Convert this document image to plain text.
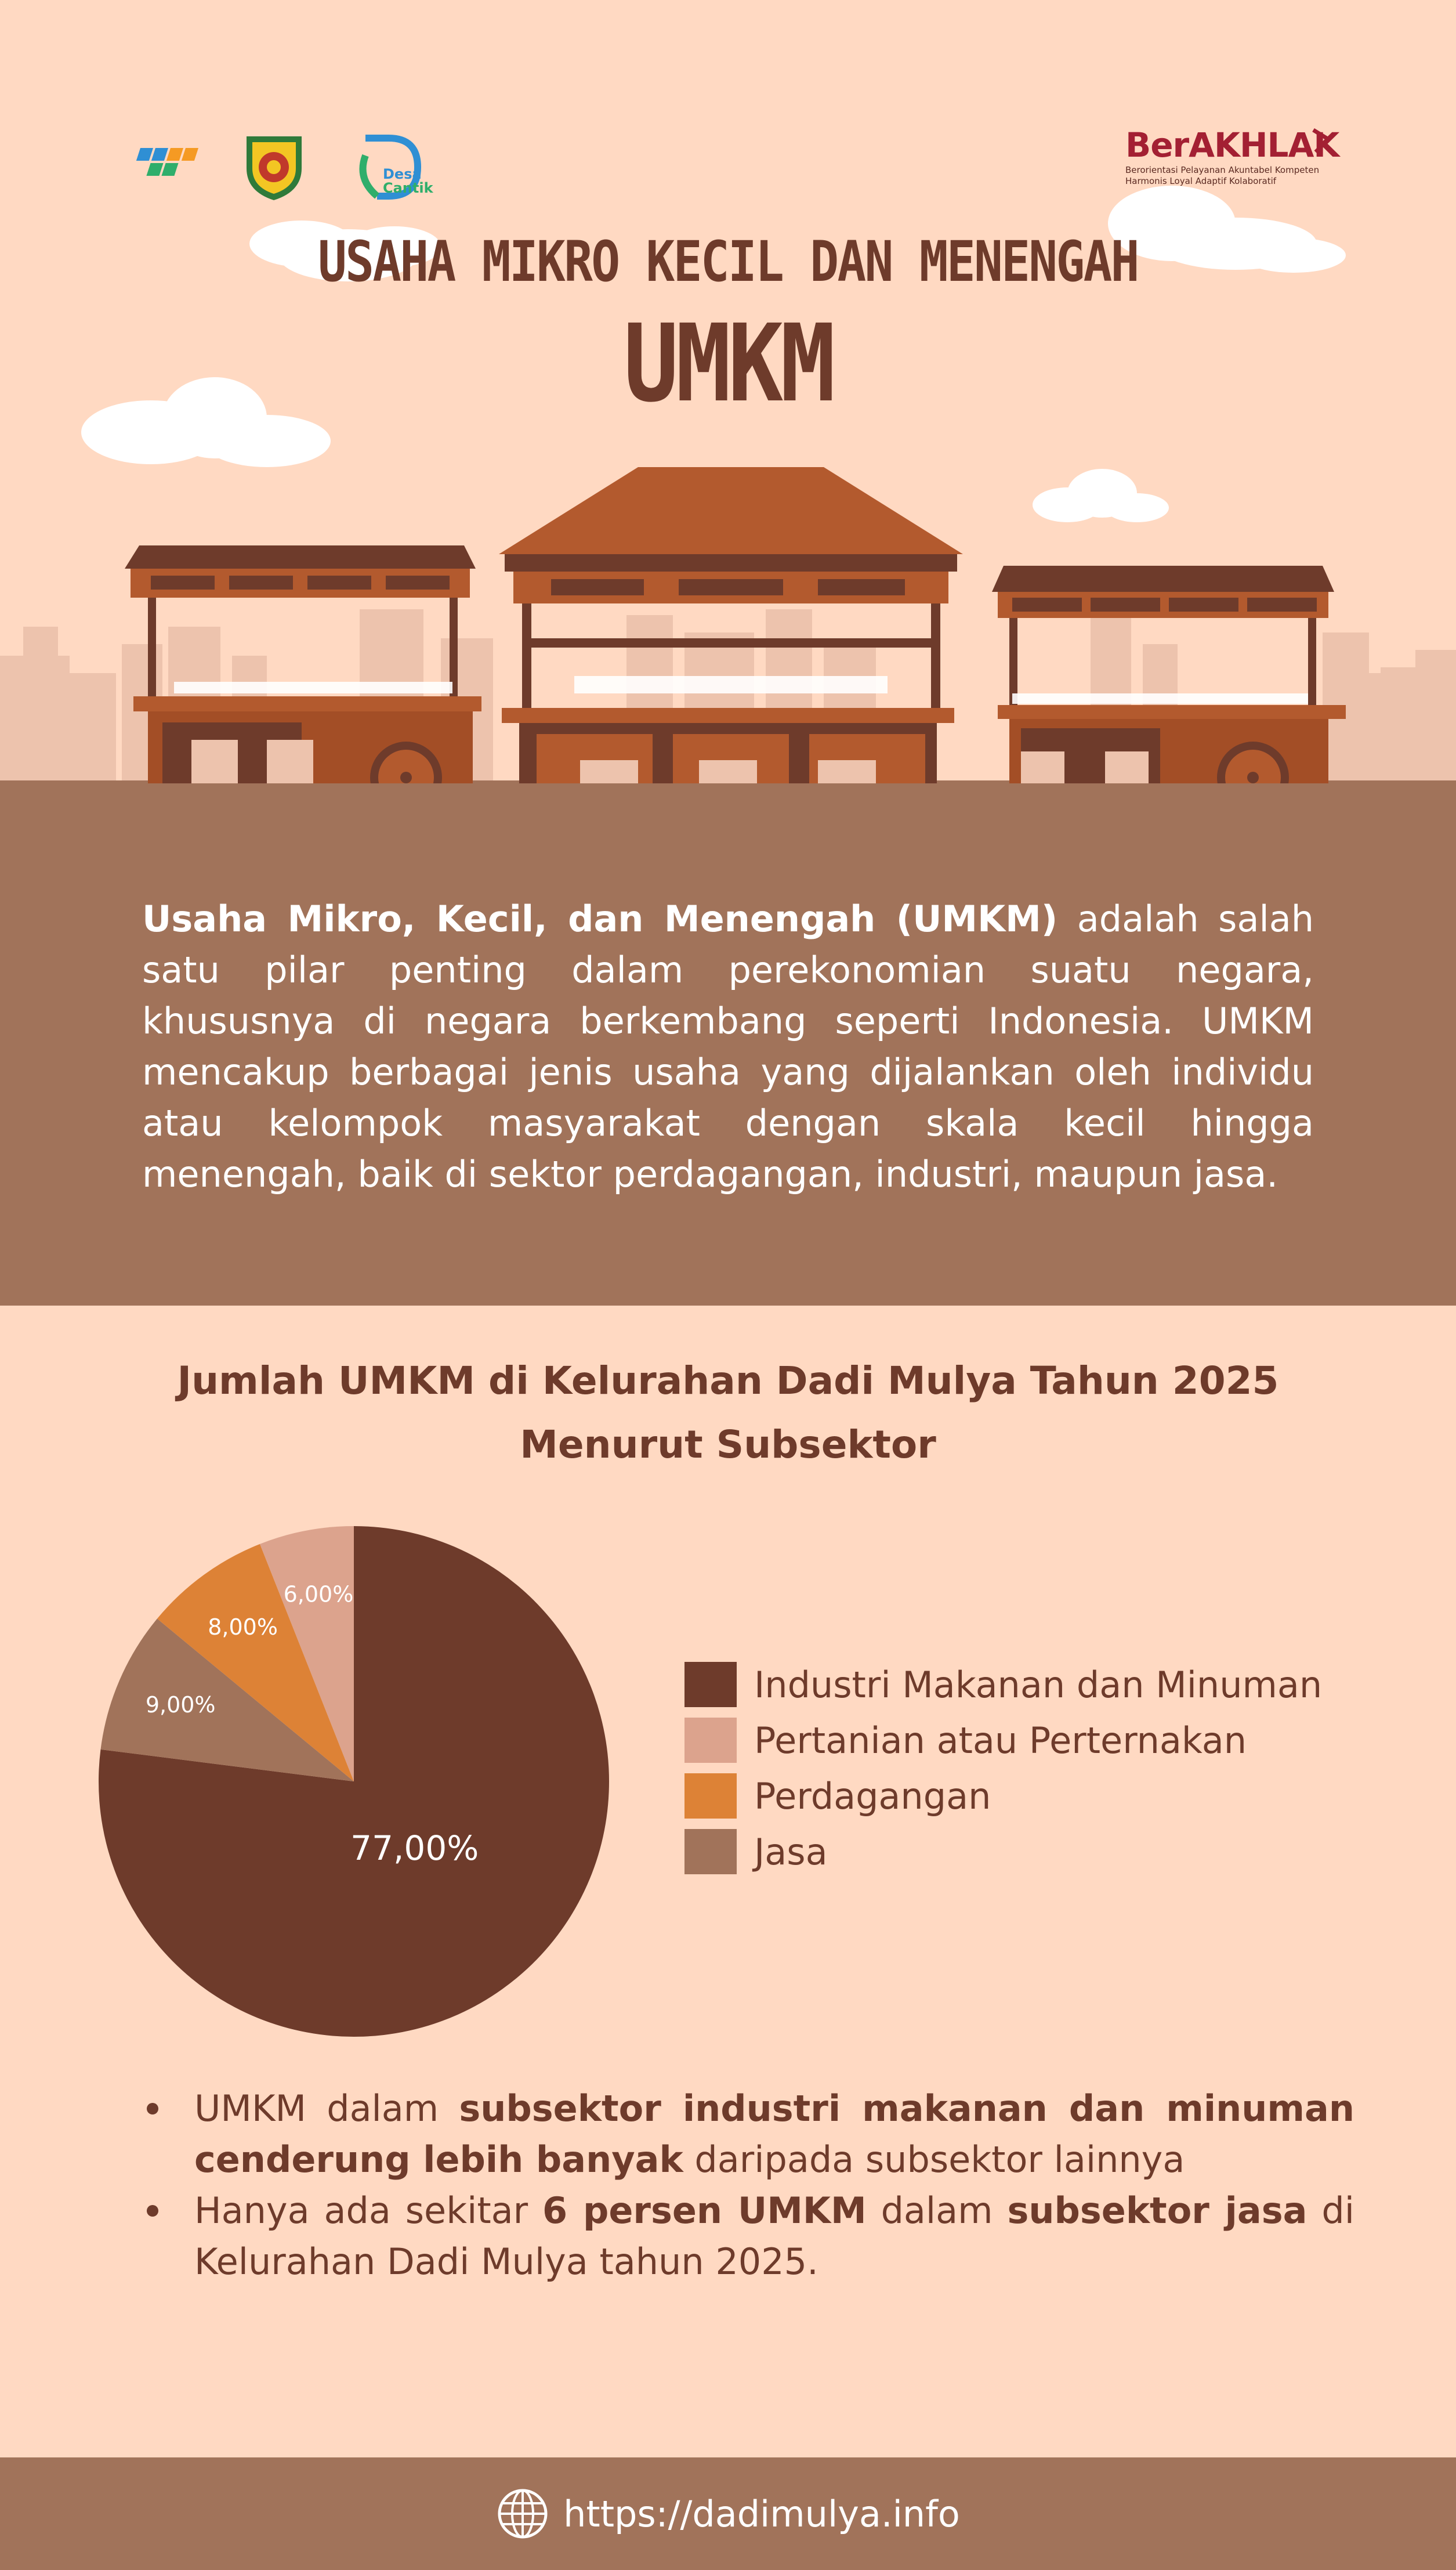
Desa
Cantik
BerAKHLAK
Berorientasi Pelayanan Akuntabel Kompeten
Harmonis Loyal Adaptif Kolaboratif
USAHA MIKRO KECIL DAN MENENGAH
UMKM

Usaha Mikro, Kecil, dan Menengah (UMKM) adalah salah satu pilar penting dalam perekonomian suatu negara, khususnya di negara berkembang seperti Indonesia. UMKM mencakup berbagai jenis usaha yang dijalankan oleh individu atau kelompok masyarakat dengan skala kecil hingga menengah, baik di sektor perdagangan, industri, maupun jasa.

Jumlah UMKM di Kelurahan Dadi Mulya Tahun 2025
Menurut Subsektor
77,00%
9,00%
8,00%
6,00%
Industri Makanan dan Minuman
Pertanian atau Perternakan
Perdagangan
Jasa

UMKM dalam subsektor industri makanan dan minuman cenderung lebih banyak daripada subsektor lainnya

Hanya ada sekitar 6 persen UMKM dalam subsektor jasa di Kelurahan Dadi Mulya tahun 2025.

https://dadimulya.info
